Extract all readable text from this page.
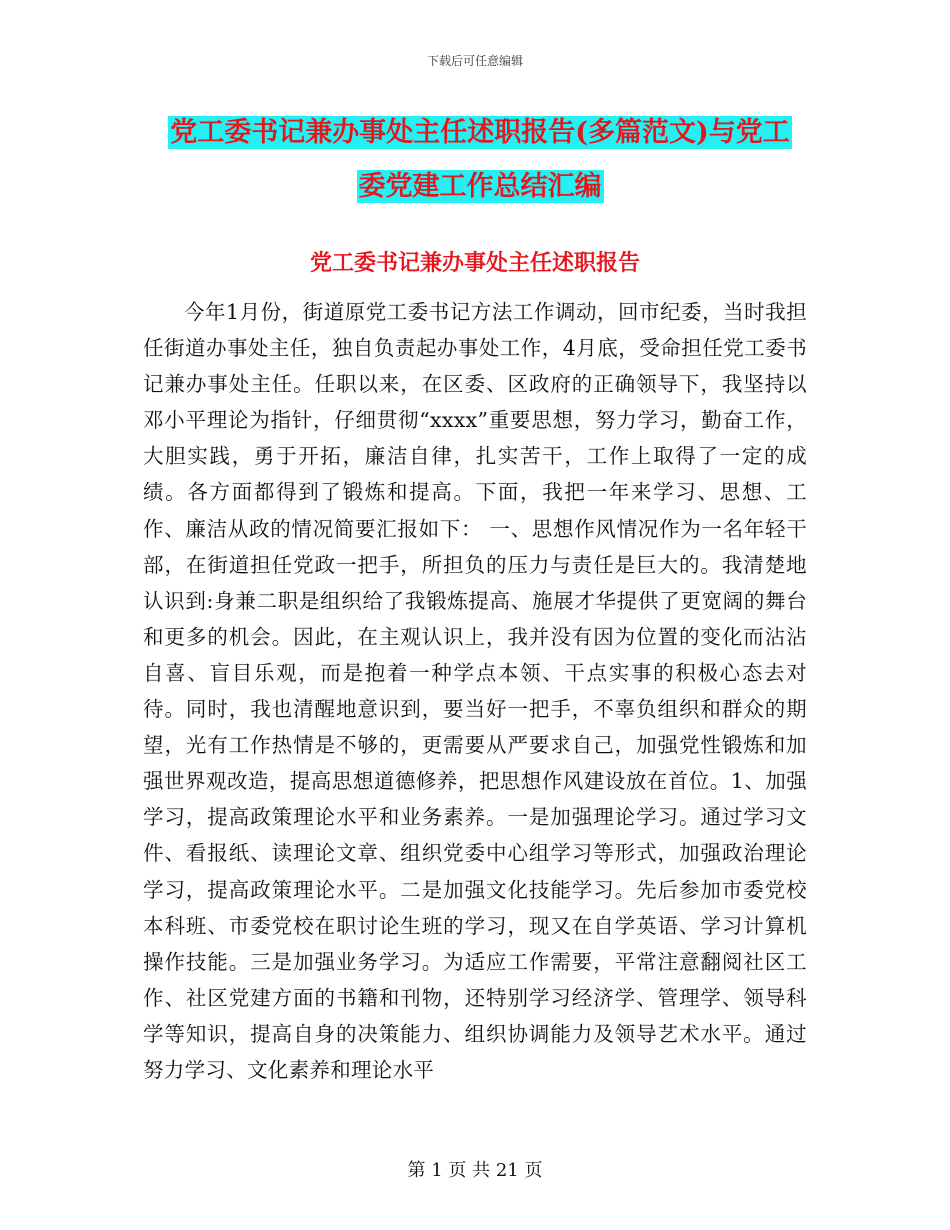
下载后可任意编辑
党工委书记兼办事处主任述职报告(多篇范文)与党工
委党建工作总结汇编
党工委书记兼办事处主任述职报告

今年1月份，街道原党工委书记方法工作调动，回市纪委，当时我担任街道办事处主任，独自负责起办事处工作，4月底，受命担任党工委书记兼办事处主任。任职以来，在区委、区政府的正确领导下，我坚持以邓小平理论为指针，仔细贯彻“xxxx”重要思想，努力学习，勤奋工作，大胆实践，勇于开拓，廉洁自律，扎实苦干，工作上取得了一定的成绩。各方面都得到了锻炼和提高。下面，我把一年来学习、思想、工作、廉洁从政的情况简要汇报如下： 一、思想作风情况作为一名年轻干部，在街道担任党政一把手，所担负的压力与责任是巨大的。我清楚地认识到:身兼二职是组织给了我锻炼提高、施展才华提供了更宽阔的舞台和更多的机会。因此，在主观认识上，我并没有因为位置的变化而沾沾自喜、盲目乐观，而是抱着一种学点本领、干点实事的积极心态去对待。同时，我也清醒地意识到，要当好一把手，不辜负组织和群众的期望，光有工作热情是不够的，更需要从严要求自己，加强党性锻炼和加强世界观改造，提高思想道德修养，把思想作风建设放在首位。1、加强学习，提高政策理论水平和业务素养。一是加强理论学习。通过学习文件、看报纸、读理论文章、组织党委中心组学习等形式，加强政治理论学习，提高政策理论水平。二是加强文化技能学习。先后参加市委党校本科班、市委党校在职讨论生班的学习，现又在自学英语、学习计算机操作技能。三是加强业务学习。为适应工作需要，平常注意翻阅社区工作、社区党建方面的书籍和刊物，还特别学习经济学、管理学、领导科学等知识，提高自身的决策能力、组织协调能力及领导艺术水平。通过努力学习、文化素养和理论水平

第 1 页 共 21 页
